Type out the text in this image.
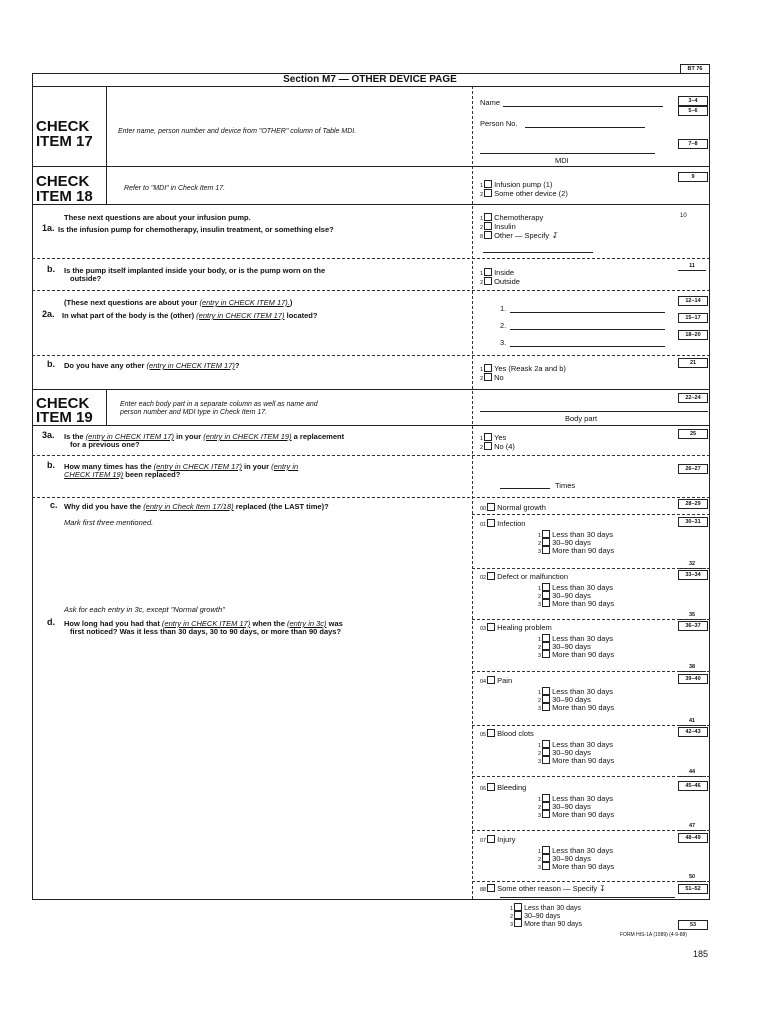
BT 76
Section M7 — OTHER DEVICE PAGE
CHECK
ITEM 17
Enter name, person number and device from "OTHER" column of Table MDI.
Name
Person No.
MDI
3–4
5–6
7–8
CHECK
ITEM 18	Refer to "MDI" in Check Item 17.	1 Infusion pump (1)
2 Some other device (2)
9
These next questions are about your infusion pump.
1a. Is the infusion pump for chemotherapy, insulin treatment, or something else?
1 Chemotherapy
2 Insulin
8 Other — Specify ↧
10
b. Is the pump itself implanted inside your body, or is the pump worn on the
outside?	1 Inside
2 Outside
11
(These next questions are about your (entry in CHECK ITEM 17).)
2a. In what part of the body is the (other) (entry in CHECK ITEM 17) located?
1.
2.
3.
12–14
15–17
18–20
b. Do you have any other (entry in CHECK ITEM 17)?	1 Yes (Reask 2a and b)
2 No
21
CHECK
ITEM 19
Enter each body part in a separate column as well as name and
person number and MDI type in Check Item 17.
Body part
22–24
3a. Is the (entry in CHECK ITEM 17) in your (entry in CHECK ITEM 19) a replacement
for a previous one?
1 Yes
2 No (4)
25
b. How many times has the (entry in CHECK ITEM 17) in your (entry in
CHECK ITEM 19) been replaced?
Times
26–27
c. Why did you have the (entry in Check Item 17/18) replaced (the LAST time)?
Mark first three mentioned.
Ask for each entry in 3c, except "Normal growth"
d. How long had you had that (entry in CHECK ITEM 17) when the (entry in 3c) was
first noticed? Was it less than 30 days, 30 to 90 days, or more than 90 days?
00 Normal growth	28–29
01 Infection	30–31
1 Less than 30 days
2 30–90 days
3 More than 90 days
32
02 Defect or malfunction	33–34
1 Less than 30 days
2 30–90 days
3 More than 90 days
35
03 Healing problem	36–37
1 Less than 30 days
2 30–90 days
3 More than 90 days
38
04 Pain	39–40
1 Less than 30 days
2 30–90 days
3 More than 90 days
41
05 Blood clots	42–43
1 Less than 30 days
2 30–90 days
3 More than 90 days
44
06 Bleeding	45–46
1 Less than 30 days
2 30–90 days
3 More than 90 days
47
07 Injury	48–49
1 Less than 30 days
2 30–90 days
3 More than 90 days
50
88 Some other reason — Specify ↧	51–52
1 Less than 30 days
2 30–90 days
3 More than 90 days	53
FORM HIS-1A (1989) (4-9-88)
185
